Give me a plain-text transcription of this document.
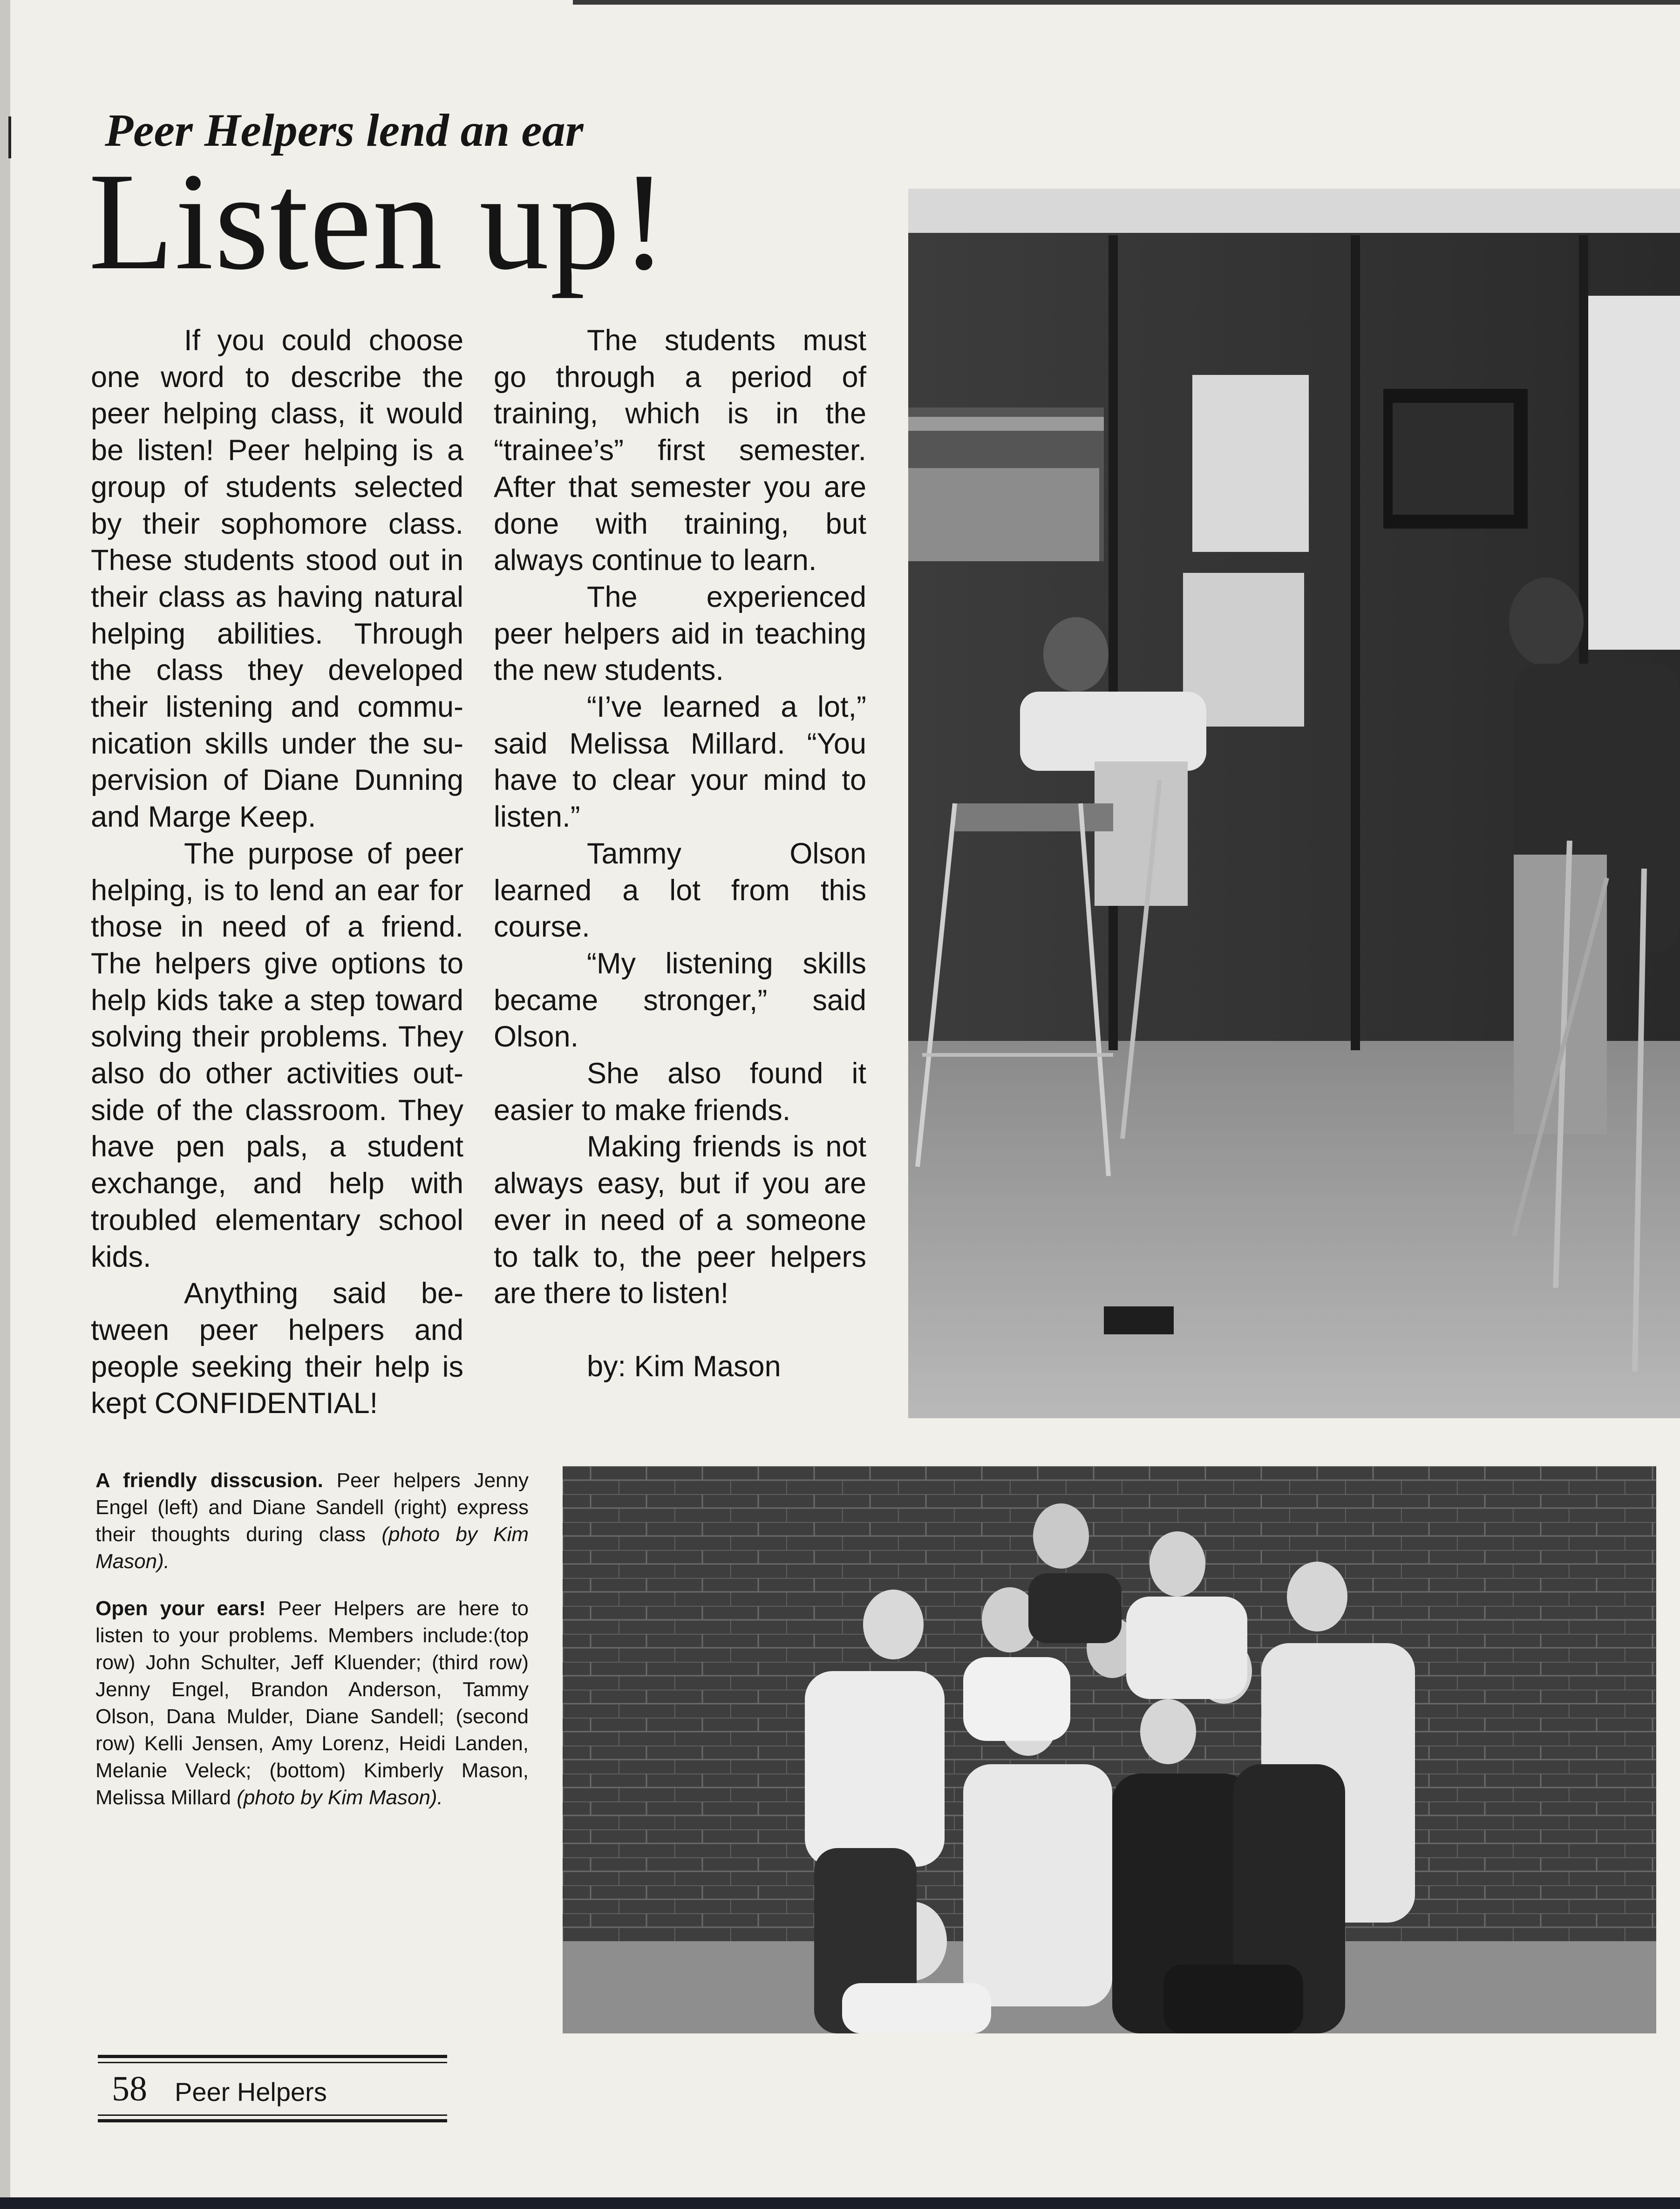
Peer Helpers lend an ear
Listen up!

If you could choose one word to describe the peer helping class, it would be listen! Peer helping is a group of students selected by their sophomore class. These students stood out in their class as having natural helping abilities. Through the class they developed their listening and communication skills under the supervision of Diane Dunning and Marge Keep.

The purpose of peer helping, is to lend an ear for those in need of a friend. The helpers give options to help kids take a step toward solving their problems. They also do other activities outside of the classroom. They have pen pals, a student exchange, and help with troubled elementary school kids.

Anything said between peer helpers and people seeking their help is kept CONFIDENTIAL!

The students must go through a period of training, which is in the “trainee’s” first semester. After that semester you are done with training, but always continue to learn.

The experienced peer helpers aid in teaching the new students.

“I’ve learned a lot,” said Melissa Millard. “You have to clear your mind to listen.”

Tammy Olson learned a lot from this course.

“My listening skills became stronger,” said Olson.

She also found it easier to make friends.

Making friends is not always easy, but if you are ever in need of a someone to talk to, the peer helpers are there to listen!

by: Kim Mason

A friendly disscusion. Peer helpers Jenny Engel (left) and Diane Sandell (right) express their thoughts during class (photo by Kim Mason).
Open your ears! Peer Helpers are here to listen to your problems. Members include:(top row) John Schulter, Jeff Kluender; (third row) Jenny Engel, Brandon Anderson, Tammy Olson, Dana Mulder, Diane Sandell; (second row) Kelli Jensen, Amy Lorenz, Heidi Landen, Melanie Veleck; (bottom) Kimberly Mason, Melissa Millard (photo by Kim Mason).

58 Peer Helpers
